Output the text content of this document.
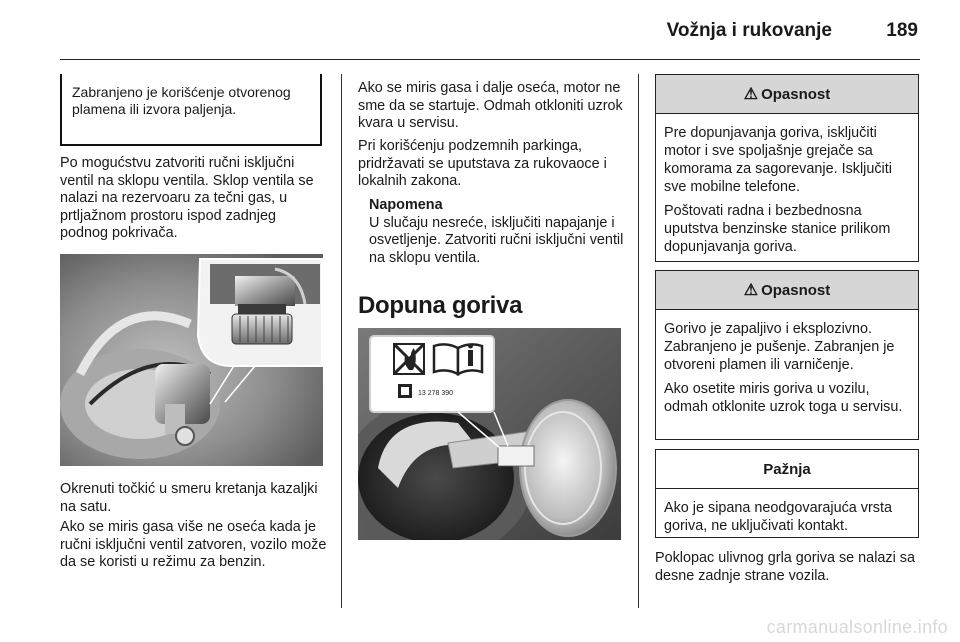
Vožnja i rukovanje	189
Zabranjeno je korišćenje otvorenog plamena ili izvora paljenja.
Po mogućstvu zatvoriti ručni isključni ventil na sklopu ventila. Sklop ventila se nalazi na rezervoaru za tečni gas, u prtljažnom prostoru ispod zadnjeg podnog pokrivača.
Okrenuti točkić u smeru kretanja kazaljki na satu.
Ako se miris gasa više ne oseća kada je ručni isključni ventil zatvoren, vozilo može da se koristi u režimu za benzin.
Ako se miris gasa i dalje oseća, motor ne sme da se startuje. Odmah otkloniti uzrok kvara u servisu.
Pri korišćenju podzemnih parkinga, pridržavati se uputstava za rukovaoce i lokalnih zakona.
Napomena
U slučaju nesreće, isključiti napajanje i osvetljenje. Zatvoriti ručni isključni ventil na sklopu ventila.
Dopuna goriva
13 278 390
⚠ Opasnost

Pre dopunjavanja goriva, isključiti motor i sve spoljašnje grejače sa komorama za sagorevanje. Isključiti sve mobilne telefone.

Poštovati radna i bezbednosna uputstva benzinske stanice prilikom dopunjavanja goriva.

⚠ Opasnost

Gorivo je zapaljivo i eksplozivno. Zabranjeno je pušenje. Zabranjen je otvoreni plamen ili varničenje.

Ako osetite miris goriva u vozilu, odmah otklonite uzrok toga u servisu.

Pažnja

Ako je sipana neodgovarajuća vrsta goriva, ne uključivati kontakt.

Poklopac ulivnog grla goriva se nalazi sa desne zadnje strane vozila.
carmanualsonline.info
